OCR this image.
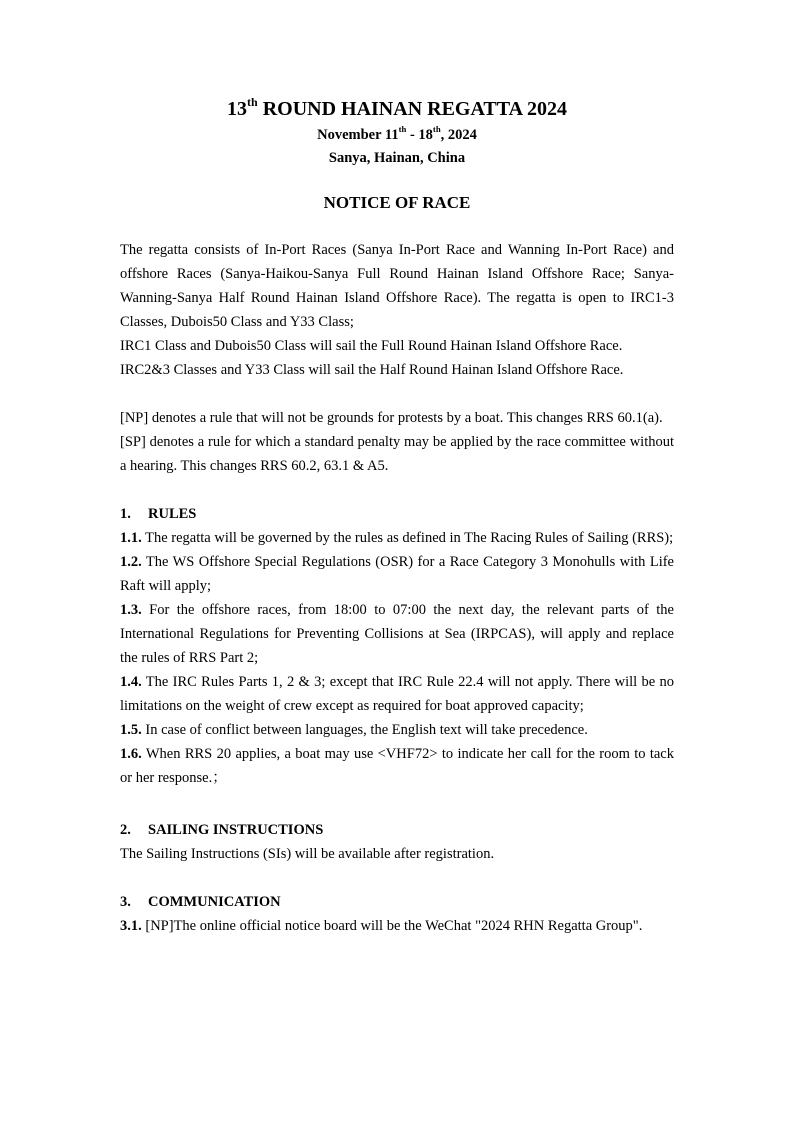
13th ROUND HAINAN REGATTA 2024
November 11th - 18th, 2024
Sanya, Hainan, China
NOTICE OF RACE

The regatta consists of In-Port Races (Sanya In-Port Race and Wanning In-Port Race) and offshore Races (Sanya-Haikou-Sanya Full Round Hainan Island Offshore Race; Sanya-Wanning-Sanya Half Round Hainan Island Offshore Race). The regatta is open to IRC1-3 Classes, Dubois50 Class and Y33 Class;

IRC1 Class and Dubois50 Class will sail the Full Round Hainan Island Offshore Race.

IRC2&3 Classes and Y33 Class will sail the Half Round Hainan Island Offshore Race.

[NP] denotes a rule that will not be grounds for protests by a boat. This changes RRS 60.1(a).

[SP] denotes a rule for which a standard penalty may be applied by the race committee without a hearing. This changes RRS 60.2, 63.1 & A5.

1. RULES

1.1. The regatta will be governed by the rules as defined in The Racing Rules of Sailing (RRS);

1.2. The WS Offshore Special Regulations (OSR) for a Race Category 3 Monohulls with Life Raft will apply;

1.3. For the offshore races, from 18:00 to 07:00 the next day, the relevant parts of the International Regulations for Preventing Collisions at Sea (IRPCAS), will apply and replace the rules of RRS Part 2;

1.4. The IRC Rules Parts 1, 2 & 3; except that IRC Rule 22.4 will not apply. There will be no limitations on the weight of crew except as required for boat approved capacity;

1.5. In case of conflict between languages, the English text will take precedence.

1.6. When RRS 20 applies, a boat may use <VHF72> to indicate her call for the room to tack or her response.；

2. SAILING INSTRUCTIONS

The Sailing Instructions (SIs) will be available after registration.

3. COMMUNICATION

3.1. [NP]The online official notice board will be the WeChat "2024 RHN Regatta Group".
